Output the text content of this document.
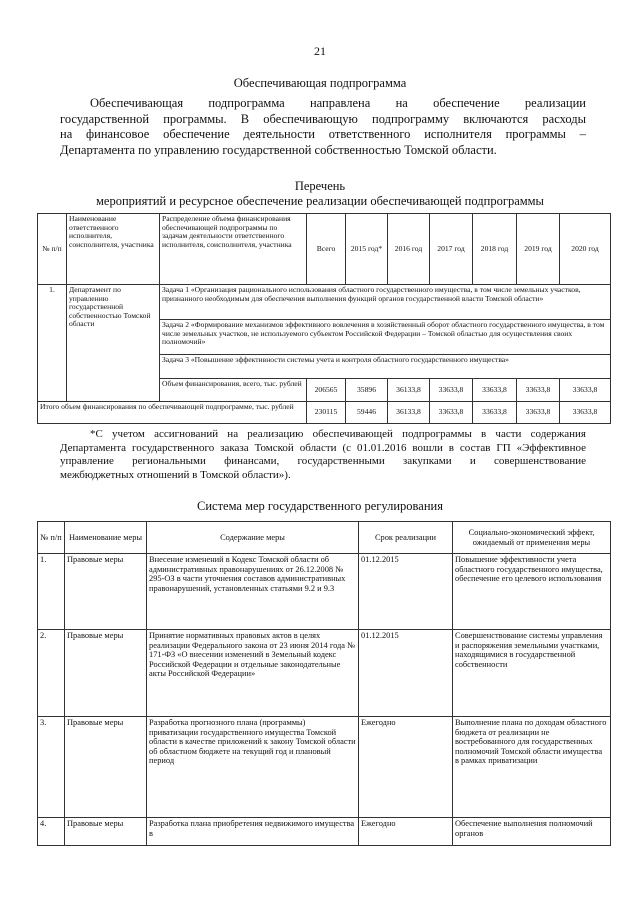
21
Обеспечивающая подпрограмма
Обеспечивающая подпрограмма направлена на обеспечение реализации
государственной программы. В обеспечивающую подпрограмму включаются расходы
на финансовое обеспечение деятельности ответственного исполнителя программы –
Департамента по управлению государственной собственностью Томской области.
Перечень
мероприятий и ресурсное обеспечение реализации обеспечивающей подпрограммы
№ п/п	Наименование ответственного исполнителя, соисполнителя, участника	Распределение объема финансирования обеспечивающей подпрограммы по задачам деятельности ответственного исполнителя, соисполнителя, участника	Всего	2015 год*	2016 год	2017 год	2018 год	2019 год	2020 год
1.	Департамент по управлению государственной собственностью Томской области	Задача 1 «Организация рационального использования областного государственного имущества, в том числе земельных участков, признанного необходимым для обеспечения выполнения функций органов государственной власти Томской области»							
		Задача 2 «Формирование механизмов эффективного вовлечения в хозяйственный оборот областного государственного имущества, в том числе земельных участков, не используемого субъектом Российской Федерации – Томской областью для осуществления своих полномочий»							
		Задача 3 «Повышение эффективности системы учета и контроля областного государственного имущества»							
		Объем финансирования, всего, тыс. рублей	206565	35896	36133,8	33633,8	33633,8	33633,8	33633,8
Итого объем финансирования по обеспечивающей подпрограмме, тыс. рублей			230115	59446	36133,8	33633,8	33633,8	33633,8	33633,8
*С учетом ассигнований на реализацию обеспечивающей подпрограммы в части содержания
Департамента государственного заказа Томской области (с 01.01.2016 вошли в состав ГП «Эффективное
управление региональными финансами, государственными закупками и совершенствование
межбюджетных отношений в Томской области»).
Система мер государственного регулирования
№ п/п	Наименование меры	Содержание меры	Срок реализации	Социально-экономический эффект, ожидаемый от применения меры
1.	Правовые меры	Внесение изменений в Кодекс Томской области об административных правонарушениях от 26.12.2008 № 295-ОЗ в части уточнения составов административных правонарушений, установленных статьями 9.2 и 9.3	01.12.2015	Повышение эффективности учета областного государственного имущества, обеспечение его целевого использования
2.	Правовые меры	Принятие нормативных правовых актов в целях реализации Федерального закона от 23 июня 2014 года № 171-ФЗ «О внесении изменений в Земельный кодекс Российской Федерации и отдельные законодательные акты Российской Федерации»	01.12.2015	Совершенствование системы управления и распоряжения земельными участками, находящимися в государственной собственности
3.	Правовые меры	Разработка прогнозного плана (программы) приватизации государственного имущества Томской области в качестве приложений к закону Томской области об областном бюджете на текущий год и плановый период	Ежегодно	Выполнение плана по доходам областного бюджета от реализации не востребованного для государственных полномочий Томской области имущества в рамках приватизации
4.	Правовые меры	Разработка плана приобретения недвижимого имущества в	Ежегодно	Обеспечение выполнения полномочий органов
